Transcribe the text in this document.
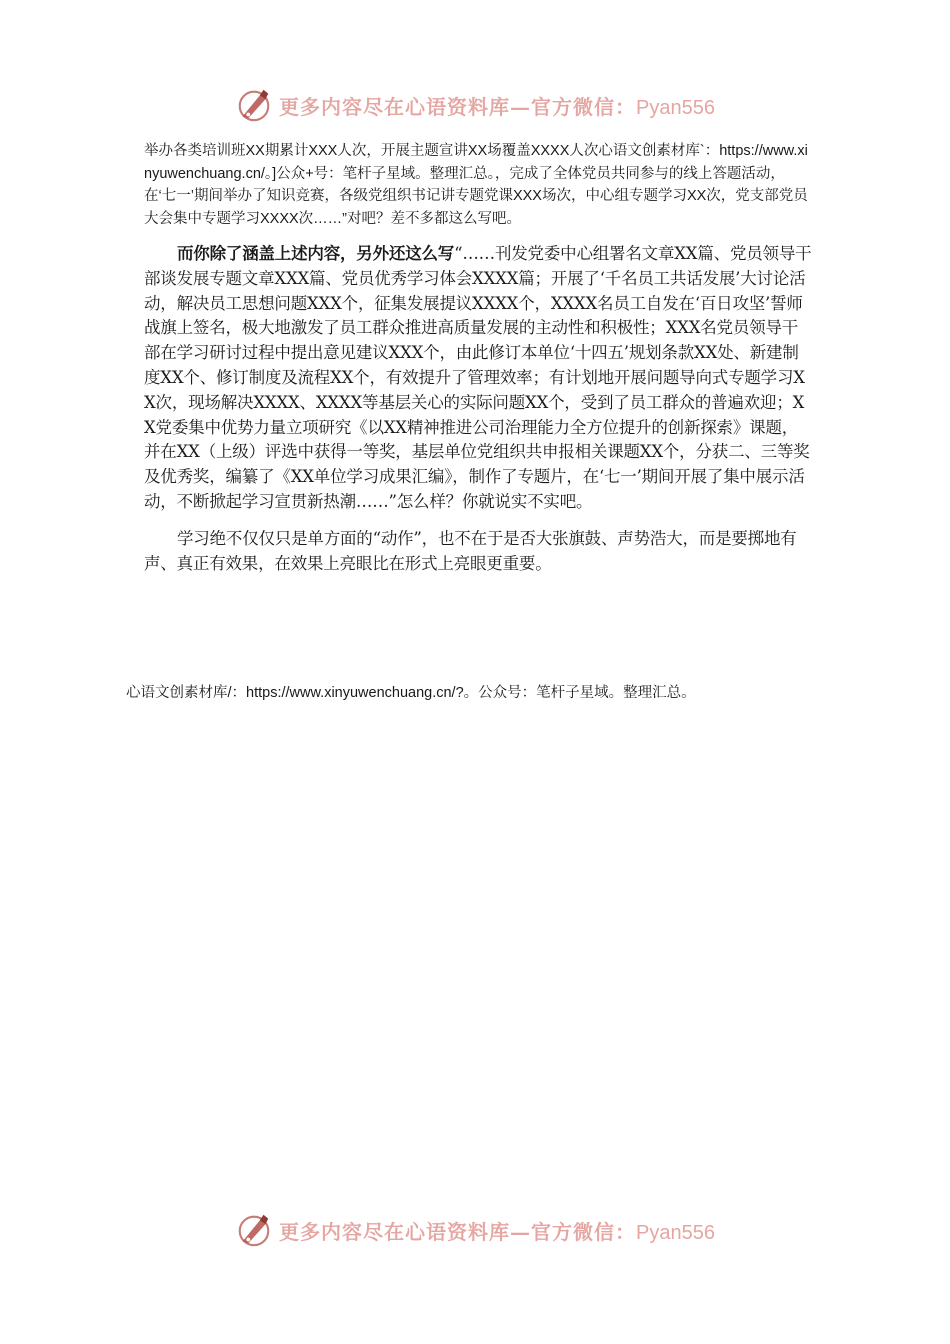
更多内容尽在心语资料库—官方微信：Pyan556

举办各类培训班XX期累计XXX人次，开展主题宣讲XX场覆盖XXXX人次心语文创素材库`：https://www.xinyuwenchuang.cn/。]公众+号：笔杆子星域。整理汇总。，完成了全体党员共同参与的线上答题活动，在‘七一’期间举办了知识竞赛，各级党组织书记讲专题党课XXX场次，中心组专题学习XX次，党支部党员大会集中专题学习XXXX次……”对吧？差不多都这么写吧。

而你除了涵盖上述内容，另外还这么写“……刊发党委中心组署名文章XX篇、党员领导干部谈发展专题文章XXX篇、党员优秀学习体会XXXX篇；开展了‘千名员工共话发展’大讨论活动，解决员工思想问题XXX个，征集发展提议XXXX个，XXXX名员工自发在‘百日攻坚’誓师战旗上签名，极大地激发了员工群众推进高质量发展的主动性和积极性；XXX名党员领导干部在学习研讨过程中提出意见建议XXX个，由此修订本单位‘十四五’规划条款XX处、新建制度XX个、修订制度及流程XX个，有效提升了管理效率；有计划地开展问题导向式专题学习XX次，现场解决XXXX、XXXX等基层关心的实际问题XX个，受到了员工群众的普遍欢迎；XX党委集中优势力量立项研究《以XX精神推进公司治理能力全方位提升的创新探索》课题，并在XX（上级）评选中获得一等奖，基层单位党组织共申报相关课题XX个，分获二、三等奖及优秀奖，编纂了《XX单位学习成果汇编》，制作了专题片，在‘七一’期间开展了集中展示活动，不断掀起学习宣贯新热潮……”怎么样？你就说实不实吧。

学习绝不仅仅只是单方面的“动作”，也不在于是否大张旗鼓、声势浩大，而是要掷地有声、真正有效果，在效果上亮眼比在形式上亮眼更重要。

心语文创素材库/：https://www.xinyuwenchuang.cn/?。公众号：笔杆子星域。整理汇总。

更多内容尽在心语资料库—官方微信：Pyan556
